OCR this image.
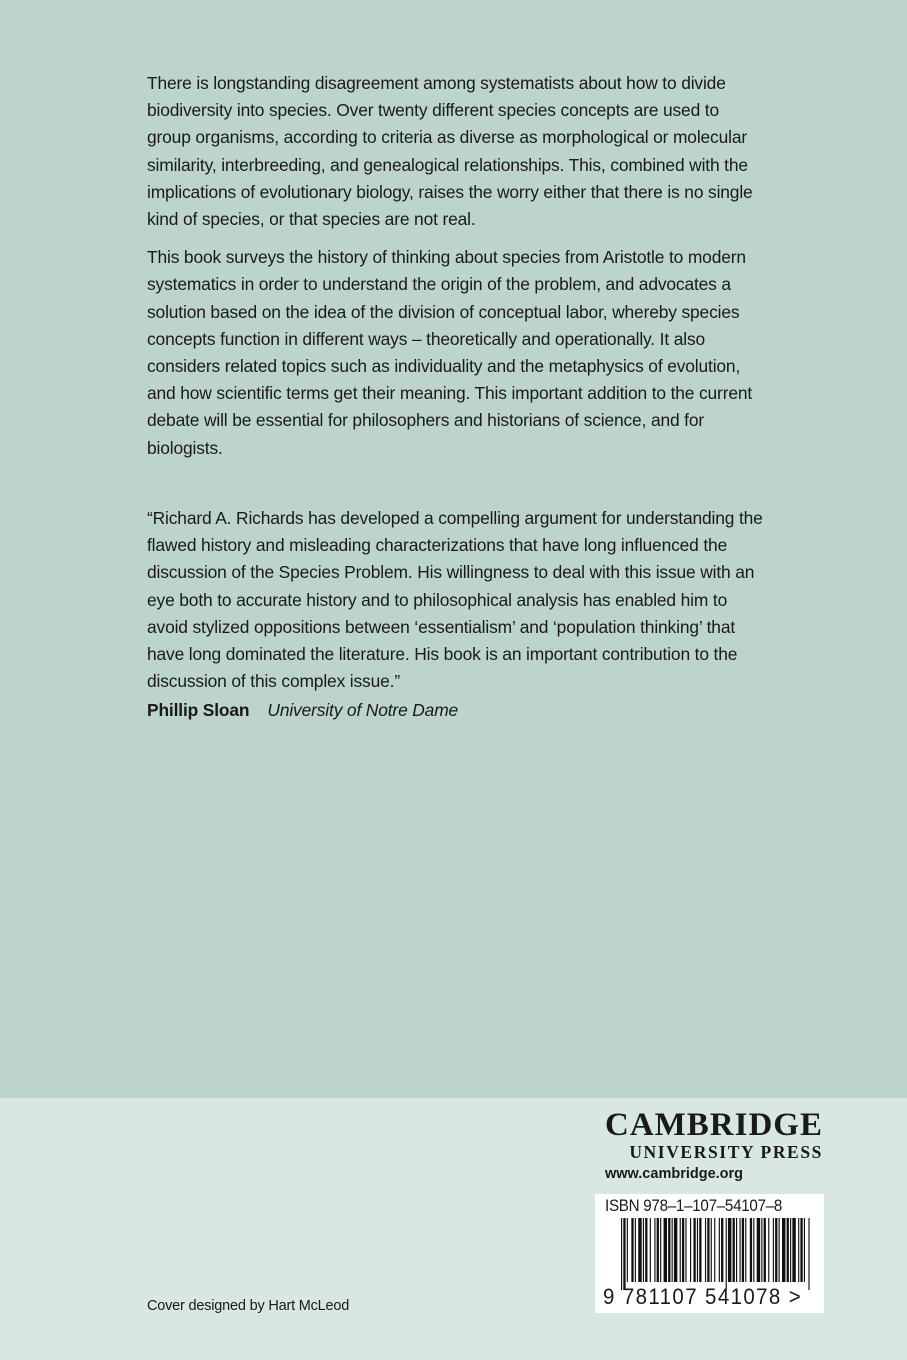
There is longstanding disagreement among systematists about how to divide biodiversity into species. Over twenty different species concepts are used to group organisms, according to criteria as diverse as morphological or molecular similarity, interbreeding, and genealogical relationships. This, combined with the implications of evolutionary biology, raises the worry either that there is no single kind of species, or that species are not real.

This book surveys the history of thinking about species from Aristotle to modern systematics in order to understand the origin of the problem, and advocates a solution based on the idea of the division of conceptual labor, whereby species concepts function in different ways – theoretically and operationally. It also considers related topics such as individuality and the metaphysics of evolution, and how scientific terms get their meaning. This important addition to the current debate will be essential for philosophers and historians of science, and for biologists.

“Richard A. Richards has developed a compelling argument for understanding the flawed history and misleading characterizations that have long influenced the discussion of the Species Problem. His willingness to deal with this issue with an eye both to accurate history and to philosophical analysis has enabled him to avoid stylized oppositions between ‘essentialism’ and ‘population thinking’ that have long dominated the literature. His book is an important contribution to the discussion of this complex issue.”

Phillip Sloan University of Notre Dame
CAMBRIDGE
UNIVERSITY PRESS
www.cambridge.org
ISBN 978–1–107–54107–8
9 781107 541078 >
Cover designed by Hart McLeod
